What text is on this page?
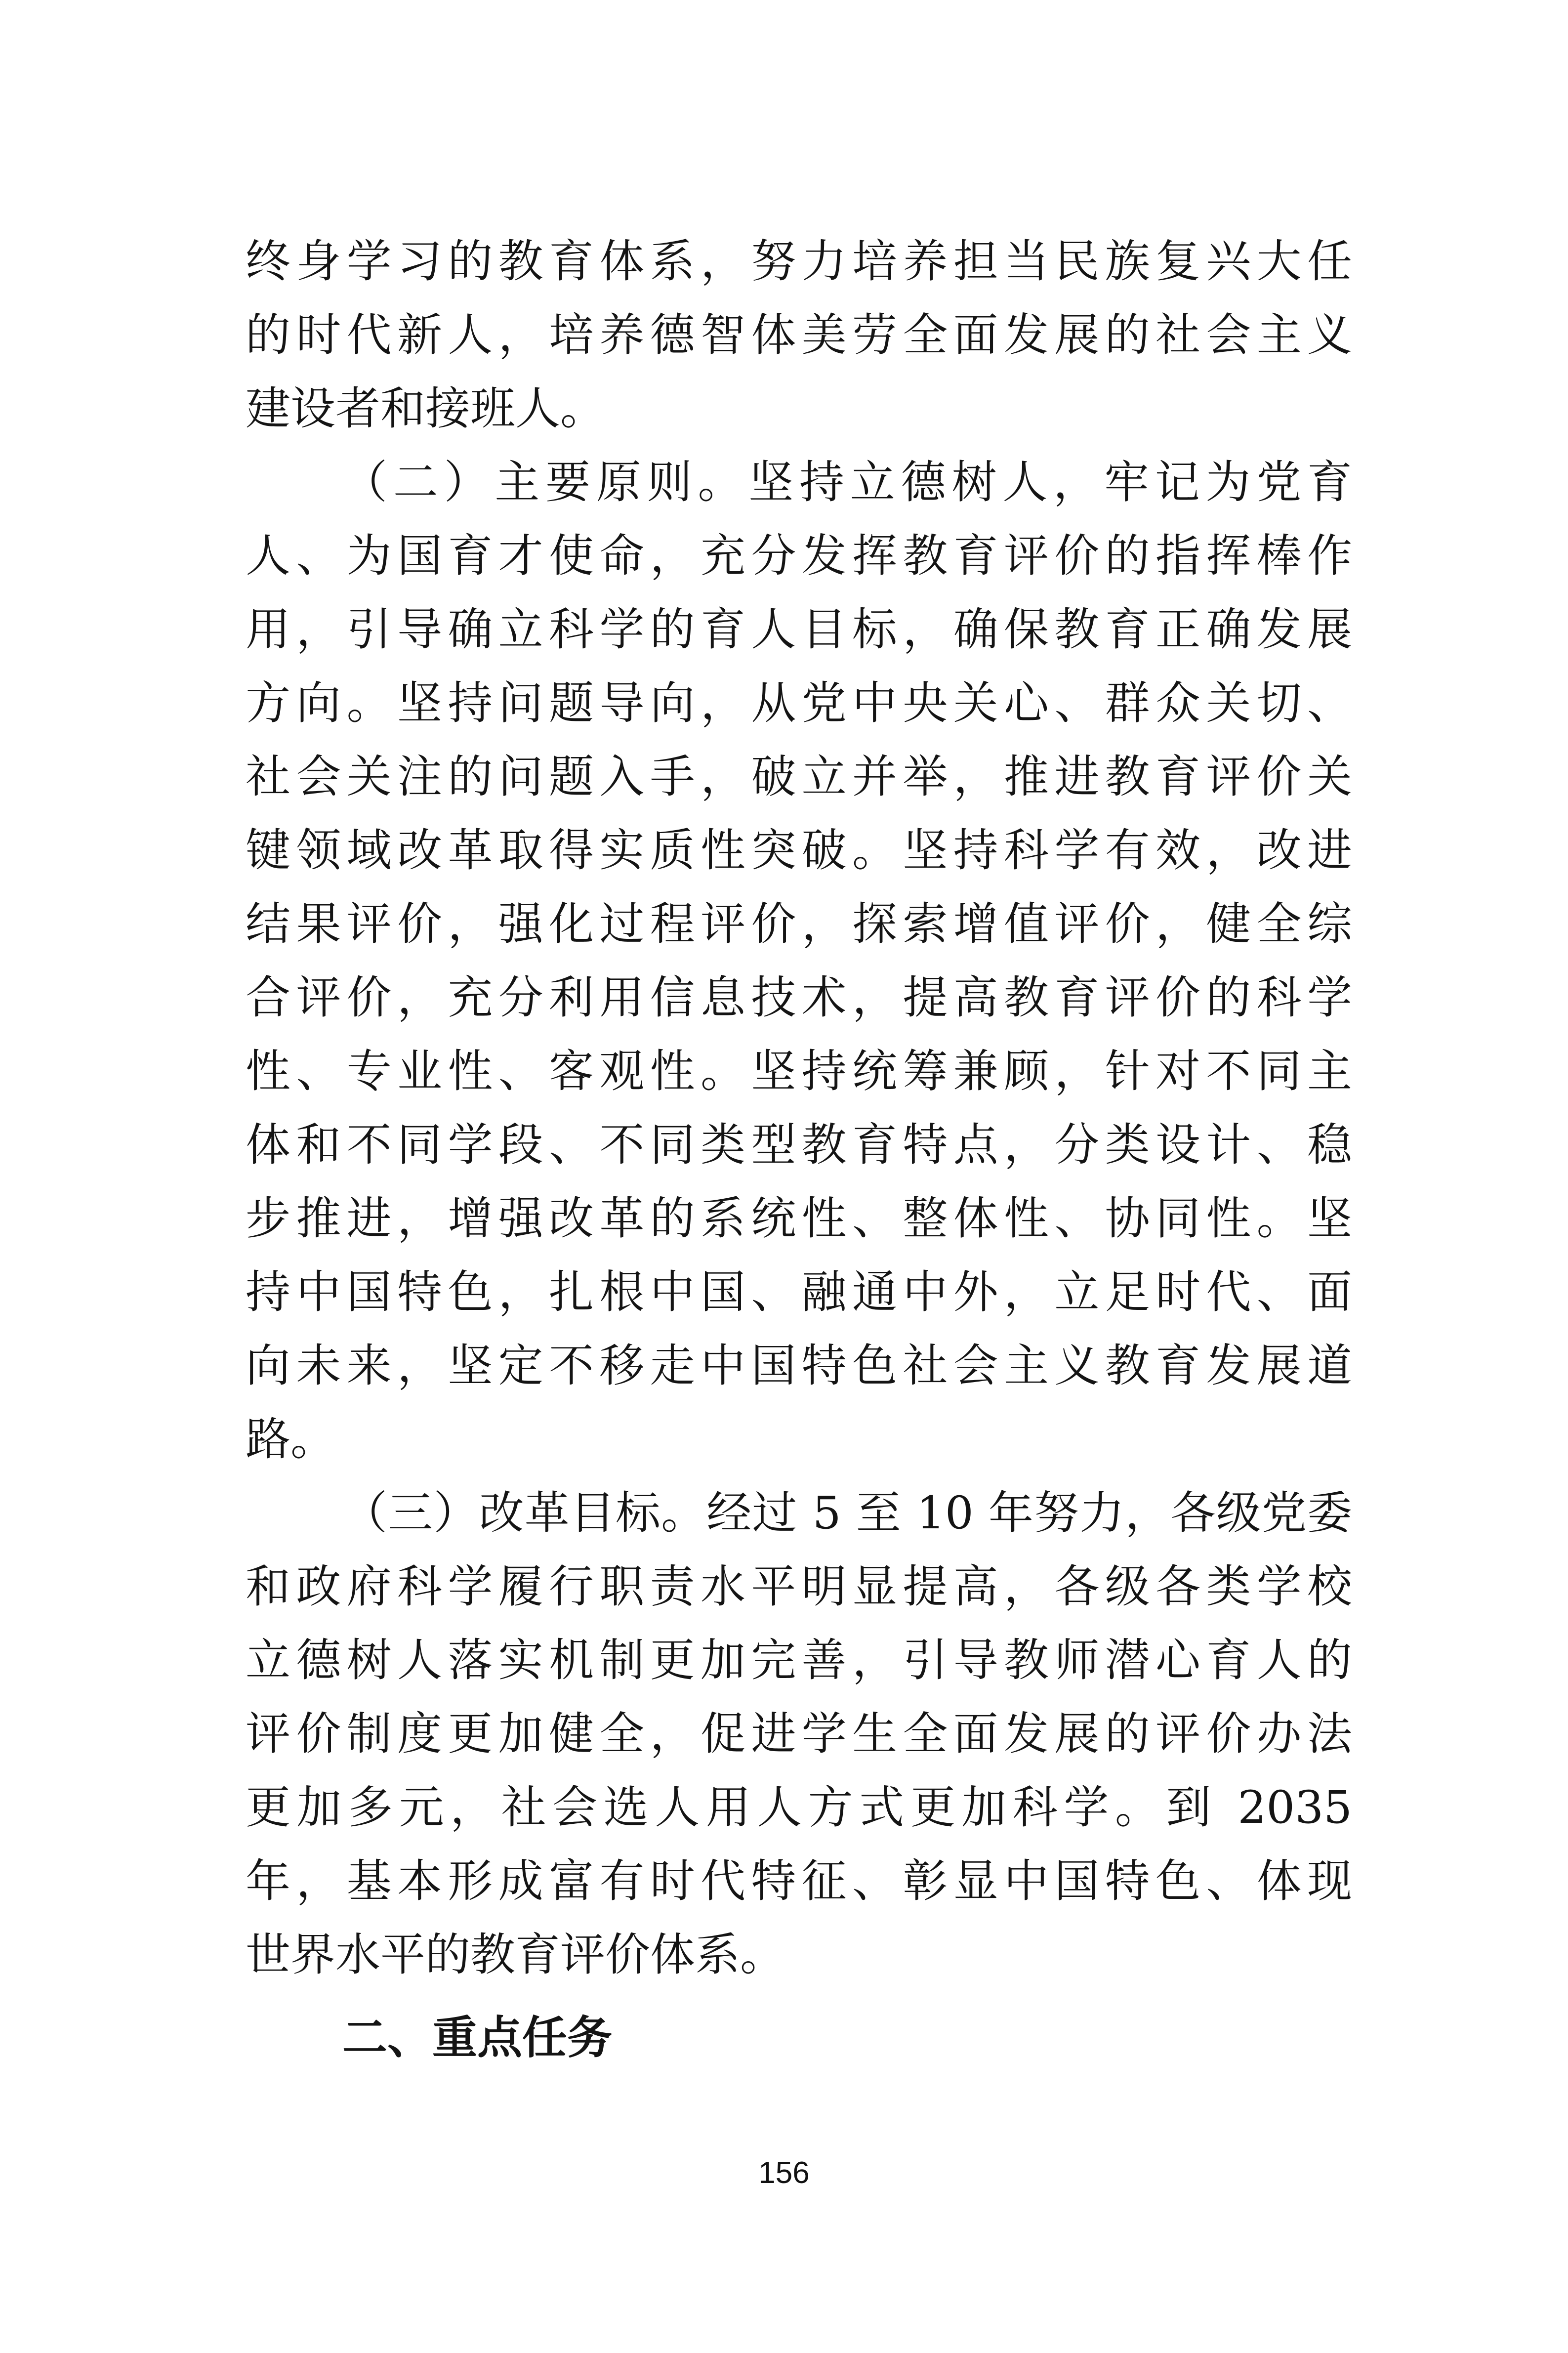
终身学习的教育体系，努力培养担当民族复兴大任
的时代新人，培养德智体美劳全面发展的社会主义
建设者和接班人。
（二）主要原则。坚持立德树人，牢记为党育
人、为国育才使命，充分发挥教育评价的指挥棒作
用，引导确立科学的育人目标，确保教育正确发展
方向。坚持问题导向，从党中央关心、群众关切、
社会关注的问题入手，破立并举，推进教育评价关
键领域改革取得实质性突破。坚持科学有效，改进
结果评价，强化过程评价，探索增值评价，健全综
合评价，充分利用信息技术，提高教育评价的科学
性、专业性、客观性。坚持统筹兼顾，针对不同主
体和不同学段、不同类型教育特点，分类设计、稳
步推进，增强改革的系统性、整体性、协同性。坚
持中国特色，扎根中国、融通中外，立足时代、面
向未来，坚定不移走中国特色社会主义教育发展道
路。
（三）改革目标。经过 5 至 10 年努力，各级党委
和政府科学履行职责水平明显提高，各级各类学校
立德树人落实机制更加完善，引导教师潜心育人的
评价制度更加健全，促进学生全面发展的评价办法
更加多元，社会选人用人方式更加科学。到 2035
年，基本形成富有时代特征、彰显中国特色、体现
世界水平的教育评价体系。
二、重点任务
156
